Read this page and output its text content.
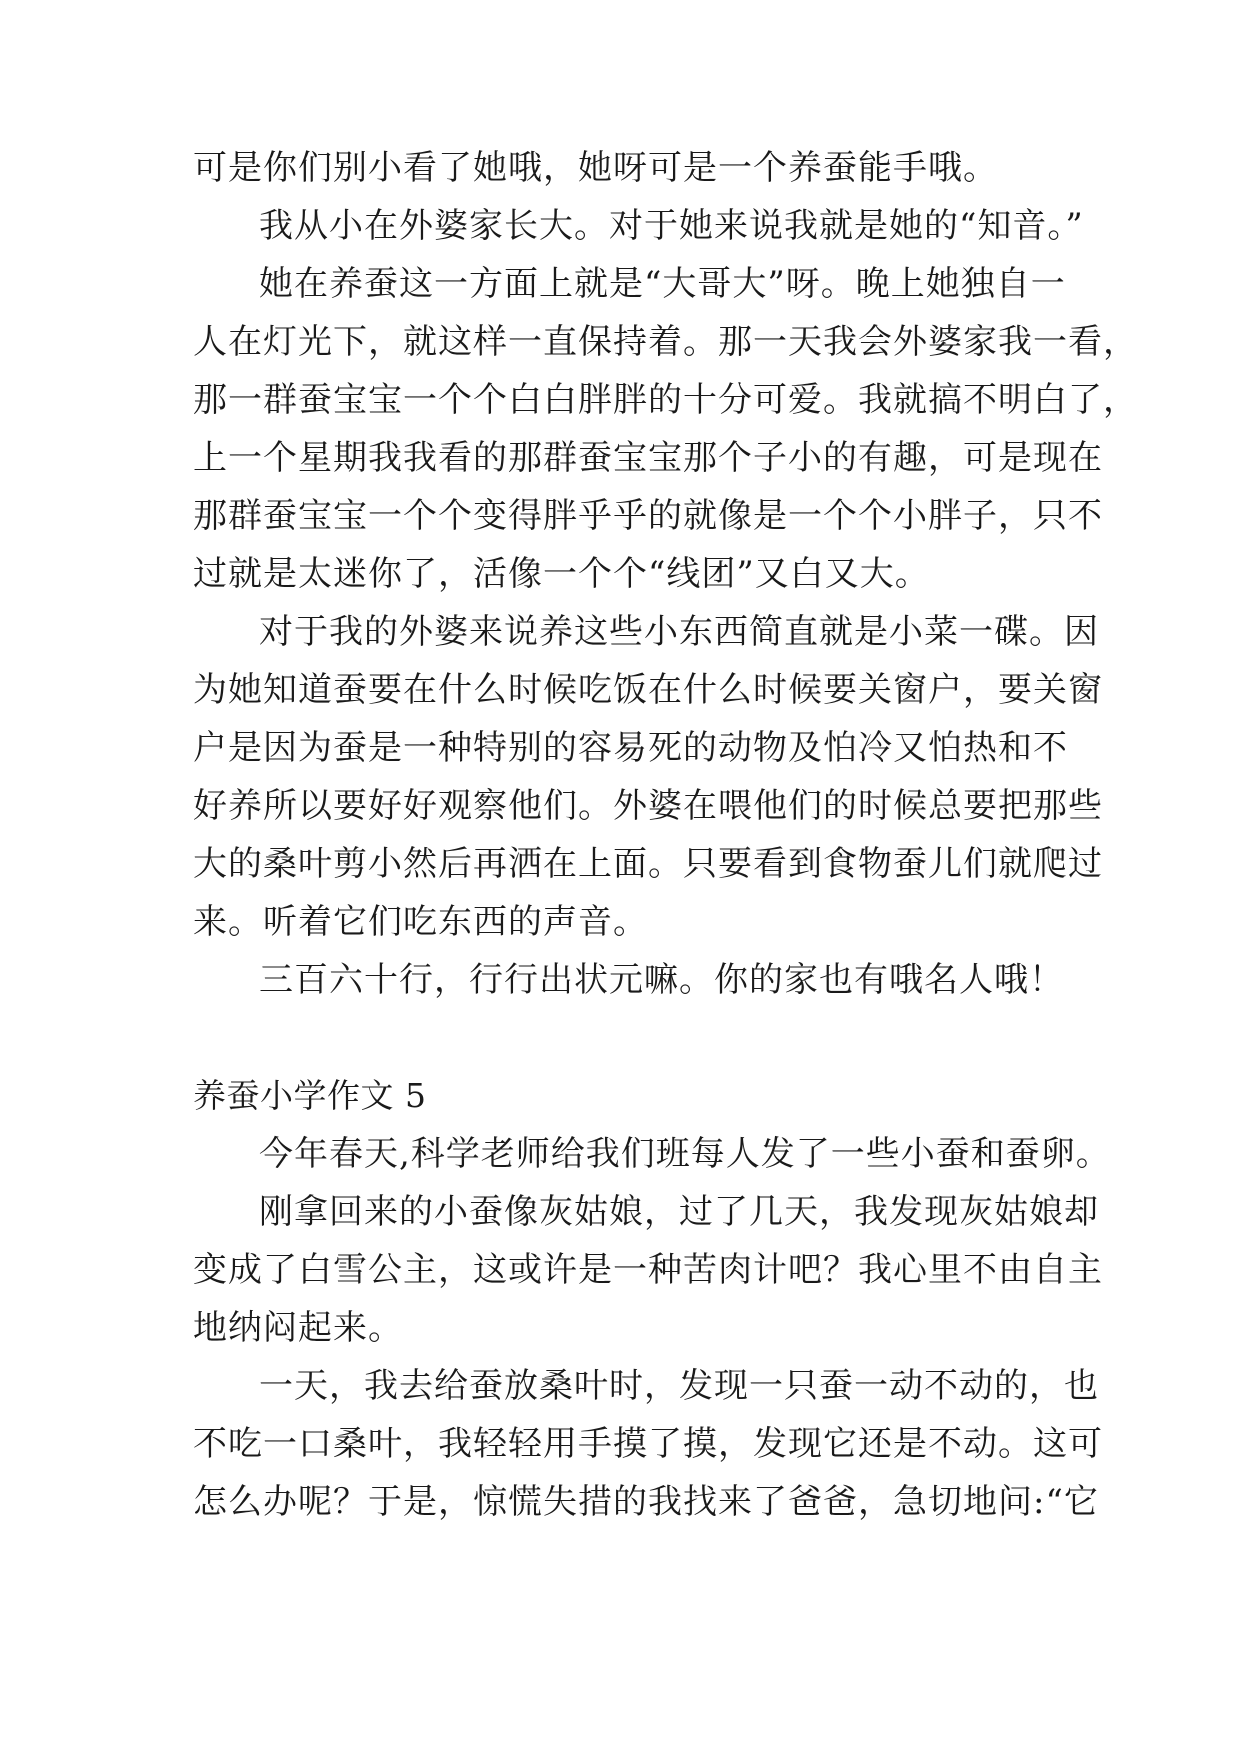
可是你们别小看了她哦，她呀可是一个养蚕能手哦。
我从小在外婆家长大。对于她来说我就是她的“知音。”
她在养蚕这一方面上就是“大哥大”呀。晚上她独自一
人在灯光下，就这样一直保持着。那一天我会外婆家我一看，
那一群蚕宝宝一个个白白胖胖的十分可爱。我就搞不明白了，
上一个星期我我看的那群蚕宝宝那个子小的有趣，可是现在
那群蚕宝宝一个个变得胖乎乎的就像是一个个小胖子，只不
过就是太迷你了，活像一个个“线团”又白又大。
对于我的外婆来说养这些小东西简直就是小菜一碟。因
为她知道蚕要在什么时候吃饭在什么时候要关窗户，要关窗
户是因为蚕是一种特别的容易死的动物及怕冷又怕热和不
好养所以要好好观察他们。外婆在喂他们的时候总要把那些
大的桑叶剪小然后再洒在上面。只要看到食物蚕儿们就爬过
来。听着它们吃东西的声音。
三百六十行，行行出状元嘛。你的家也有哦名人哦！
养蚕小学作文 5
今年春天,科学老师给我们班每人发了一些小蚕和蚕卵。
刚拿回来的小蚕像灰姑娘，过了几天，我发现灰姑娘却
变成了白雪公主，这或许是一种苦肉计吧？我心里不由自主
地纳闷起来。
一天，我去给蚕放桑叶时，发现一只蚕一动不动的，也
不吃一口桑叶，我轻轻用手摸了摸，发现它还是不动。这可
怎么办呢？于是，惊慌失措的我找来了爸爸，急切地问:“它
